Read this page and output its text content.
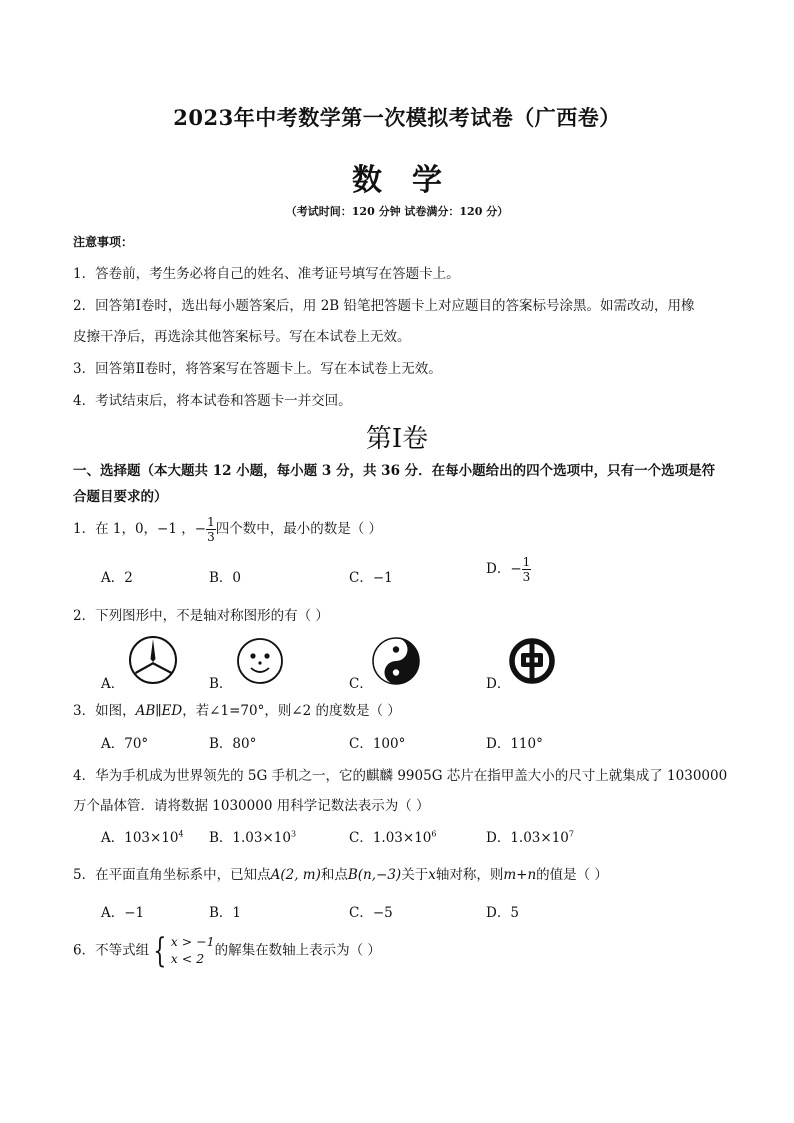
2023年中考数学第一次模拟考试卷（广西卷）
数学
（考试时间：120 分钟 试卷满分：120 分）
注意事项：
1．答卷前，考生务必将自己的姓名、准考证号填写在答题卡上。
2．回答第Ⅰ卷时，选出每小题答案后，用 2B 铅笔把答题卡上对应题目的答案标号涂黑。如需改动，用橡
皮擦干净后，再选涂其他答案标号。写在本试卷上无效。
3．回答第Ⅱ卷时，将答案写在答题卡上。写在本试卷上无效。
4．考试结束后，将本试卷和答题卡一并交回。
第Ⅰ卷
一、选择题（本大题共 12 小题，每小题 3 分，共 36 分．在每小题给出的四个选项中，只有一个选项是符
合题目要求的）
1．在 1，0，−1 ，− $\frac{1}{3}$ 四个数中，最小的数是（ ）
A．2	B．0	C．−1
D．− $\frac{1}{3}$
2．下列图形中，不是轴对称图形的有（ ）
A．	B．	C．	D．
3．如图，AB∥ED，若∠1=70°，则∠2 的度数是（ ）
A．70°	B．80°	C．100°	D．110°
4．华为手机成为世界领先的 5G 手机之一，它的麒麟 9905G 芯片在指甲盖大小的尺寸上就集成了 1030000
万个晶体管．请将数据 1030000 用科学记数法表示为（ ）
A．$103\times 10^4$ B．$1.03\times 10^3$	C．$1.03\times 10^6$	D．$1.03\times 10^7$
5．在平面直角坐标系中，已知点A(2, m)和点B(n,−3)关于x轴对称，则m+n的值是（ ）
A．−1	B．1	C．−5	D．5
6．不等式组 { x > −1
x < 2 的解集在数轴上表示为（ ）
